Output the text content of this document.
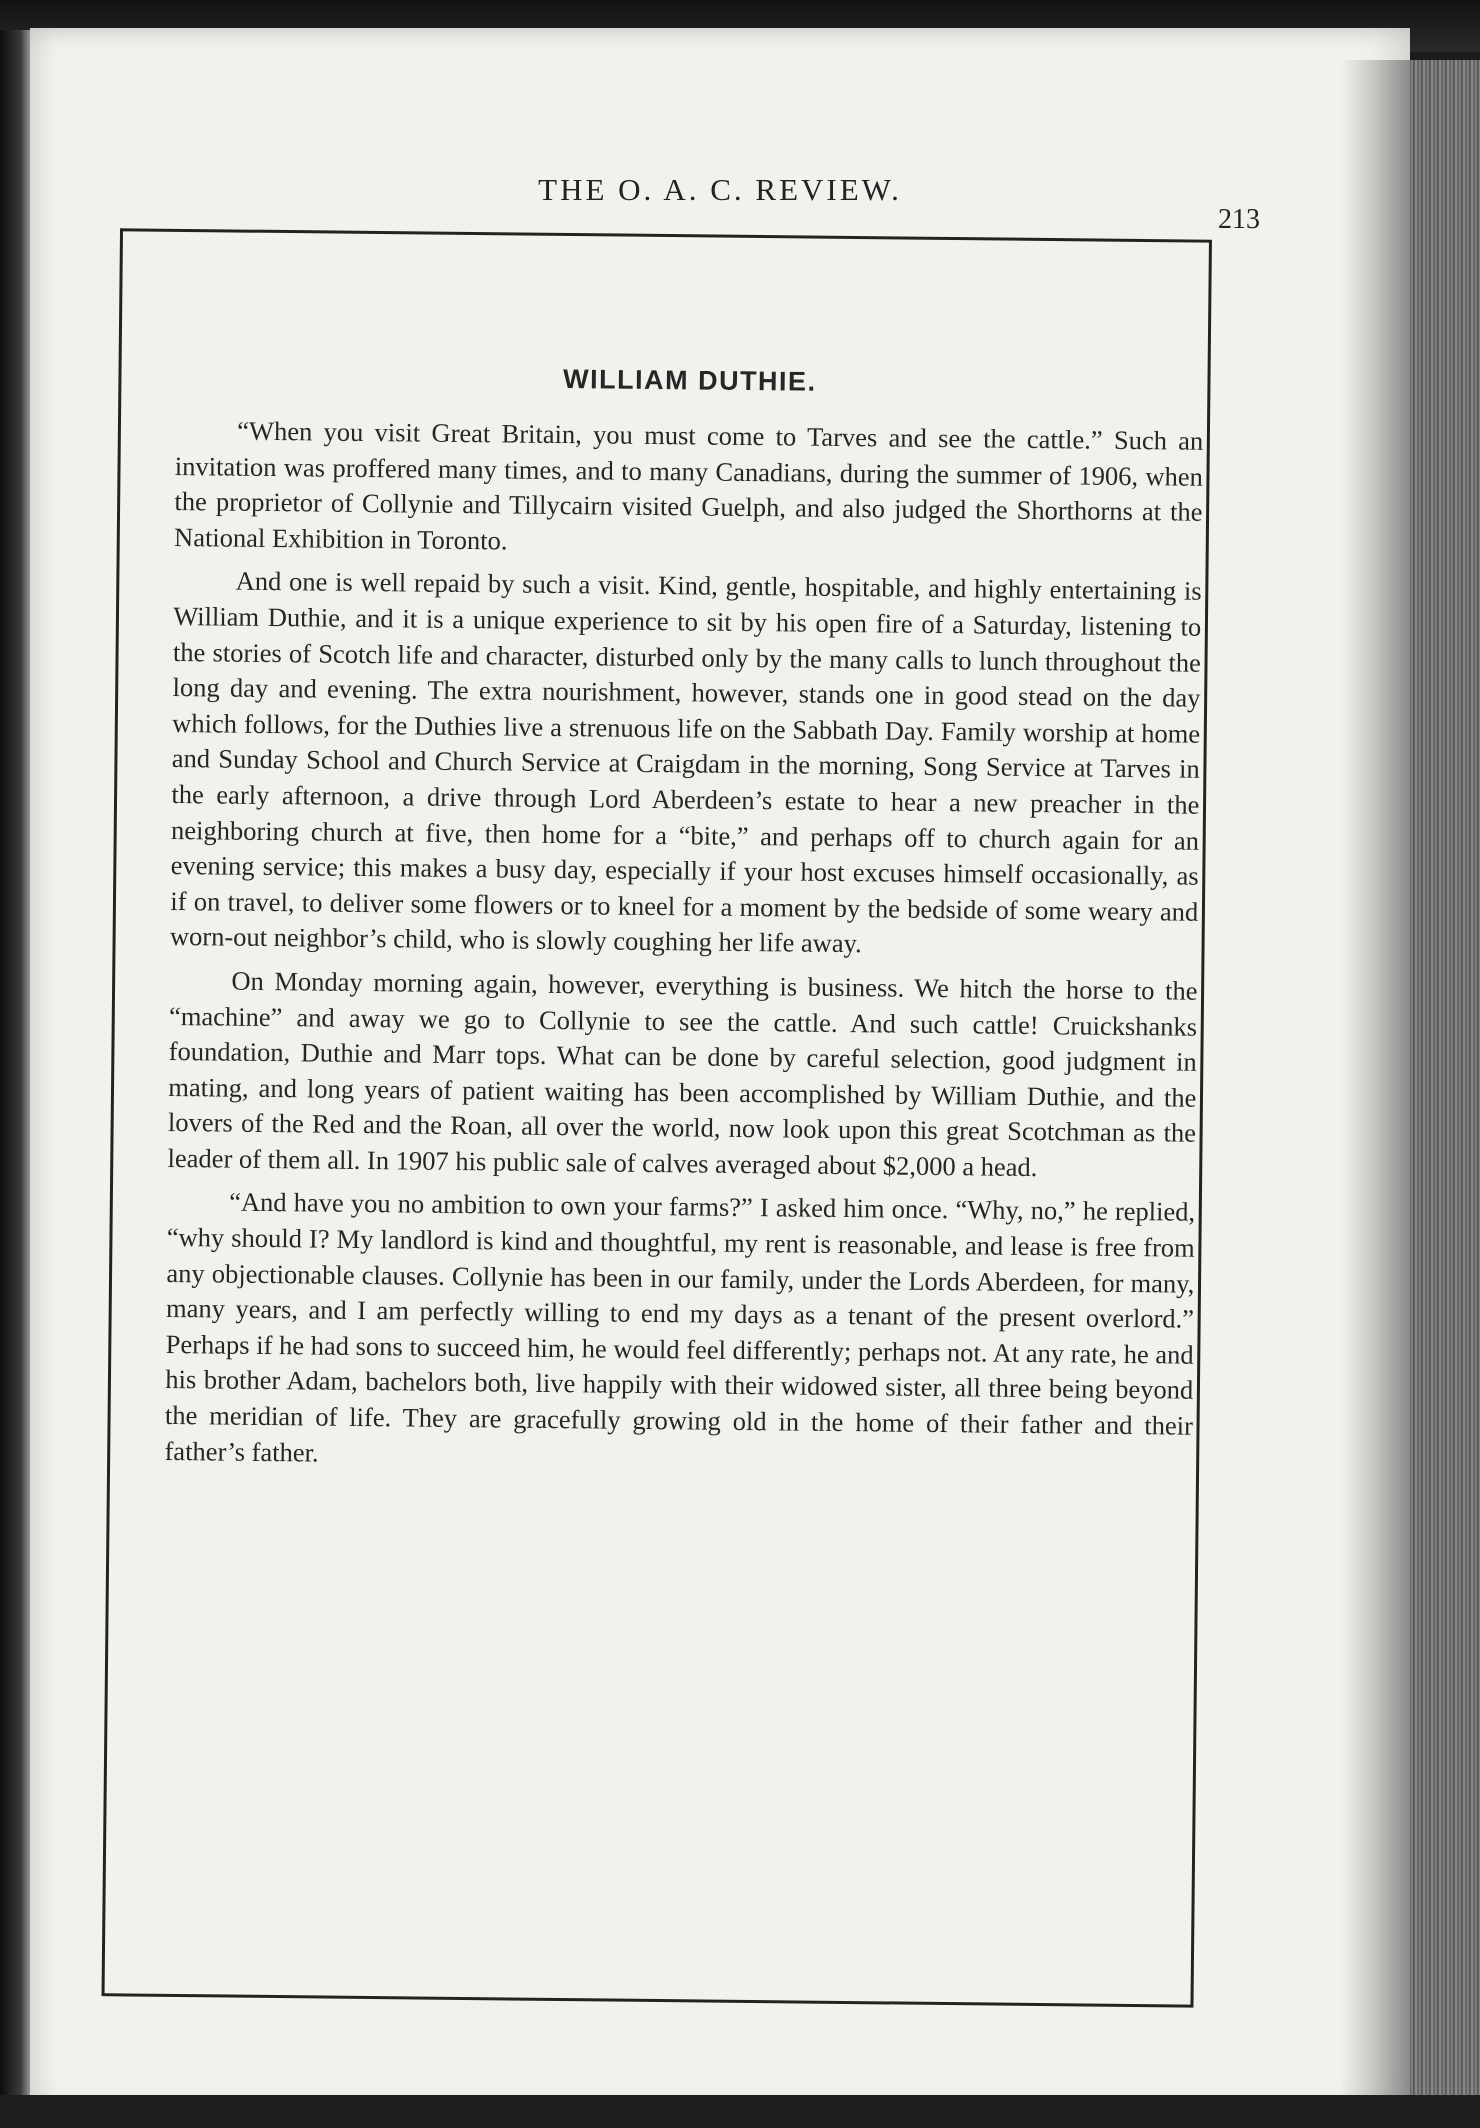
THE O. A. C. REVIEW.
213
WILLIAM DUTHIE.

“When you visit Great Britain, you must come to Tarves and see the cattle.” Such an invitation was proffered many times, and to many Canadians, during the summer of 1906, when the proprietor of Collynie and Tillycairn visited Guelph, and also judged the Shorthorns at the National Exhibition in Toronto.

And one is well repaid by such a visit. Kind, gentle, hospitable, and highly entertaining is William Duthie, and it is a unique experience to sit by his open fire of a Saturday, listening to the stories of Scotch life and character, disturbed only by the many calls to lunch throughout the long day and evening. The extra nourishment, however, stands one in good stead on the day which follows, for the Duthies live a strenuous life on the Sabbath Day. Family worship at home and Sunday School and Church Service at Craigdam in the morning, Song Service at Tarves in the early afternoon, a drive through Lord Aberdeen’s estate to hear a new preacher in the neighboring church at five, then home for a “bite,” and perhaps off to church again for an evening service; this makes a busy day, especially if your host excuses himself occasionally, as if on travel, to deliver some flowers or to kneel for a moment by the bedside of some weary and worn-out neighbor’s child, who is slowly coughing her life away.

On Monday morning again, however, everything is business. We hitch the horse to the “machine” and away we go to Collynie to see the cattle. And such cattle! Cruickshanks foundation, Duthie and Marr tops. What can be done by careful selection, good judgment in mating, and long years of patient waiting has been accomplished by William Duthie, and the lovers of the Red and the Roan, all over the world, now look upon this great Scotchman as the leader of them all. In 1907 his public sale of calves averaged about $2,000 a head.

“And have you no ambition to own your farms?” I asked him once. “Why, no,” he replied, “why should I? My landlord is kind and thoughtful, my rent is reasonable, and lease is free from any objectionable clauses. Collynie has been in our family, under the Lords Aberdeen, for many, many years, and I am perfectly willing to end my days as a tenant of the present overlord.” Perhaps if he had sons to succeed him, he would feel differently; perhaps not. At any rate, he and his brother Adam, bachelors both, live happily with their widowed sister, all three being beyond the meridian of life. They are gracefully growing old in the home of their father and their father’s father.
